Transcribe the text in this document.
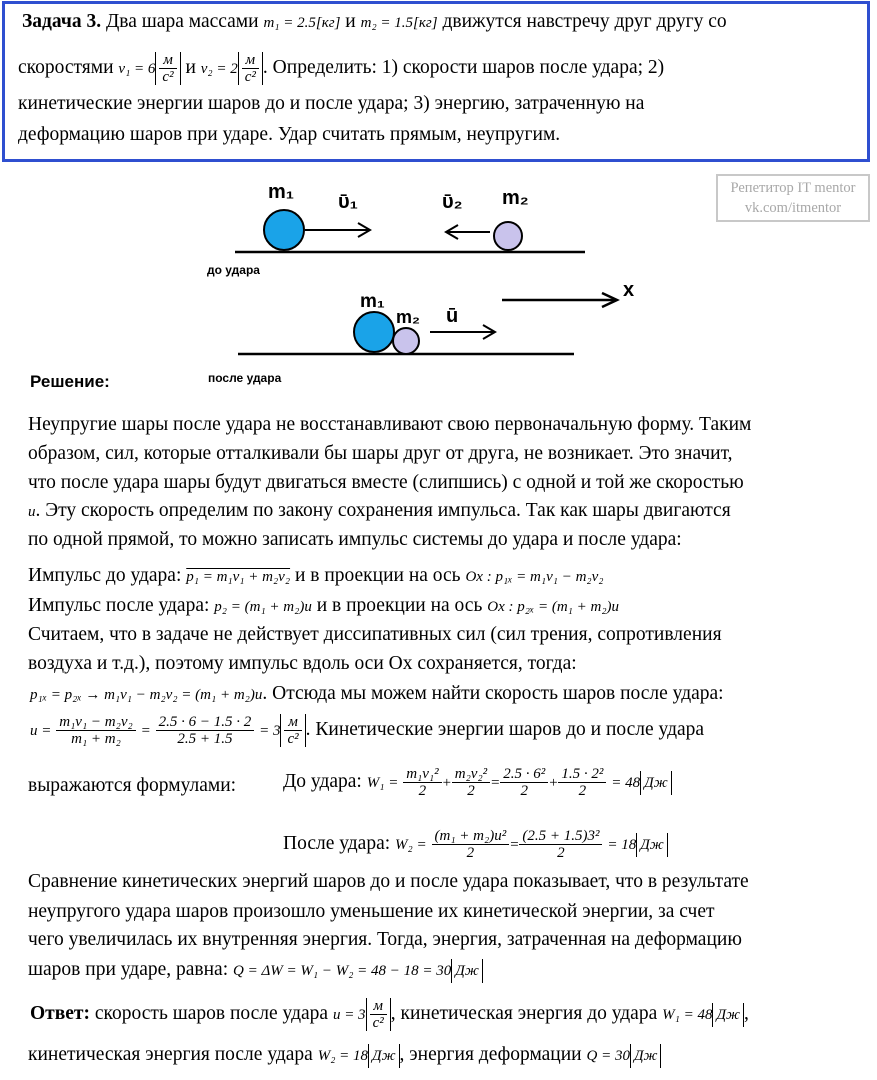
Задача 3. Два шара массами m₁ = 2.5[кг] и m₂ = 1.5[кг] движутся навстречу друг другу со
скоростями $v_1 = 6 \frac{м}{\text{с²}}$ и $v_2 = 2 \frac{м}{\text{с²}}$ . Определить: 1) скорости шаров после удара; 2)
кинетические энергии шаров до и после удара; 3) энергию, затраченную на
деформацию шаров при ударе. Удар считать прямым, неупругим.
Репетитор IT mentor
vk.com/itmentor
m₁ ῡ₁	ῡ₂ m₂
до удара
x
m₁
m₂ ū
после удара
Решение:
Неупругие шары после удара не восстанавливают свою первоначальную форму. Таким
образом, сил, которые отталкивали бы шары друг от друга, не возникает. Это значит,
что после удара шары будут двигаться вместе (слипшись) с одной и той же скоростью
u. Эту скорость определим по закону сохранения импульса. Так как шары двигаются
по одной прямой, то можно записать импульс системы до удара и после удара:
Импульс до удара: p₁ = m₁v₁ + m₂v₂ и в проекции на ось Ox : p₁ₓ = m₁v₁ − m₂v₂
Импульс после удара: p₂ = (m₁ + m₂)u и в проекции на ось Ox : p₂ₓ = (m₁ + m₂)u
Считаем, что в задаче не действует диссипативных сил (сил трения, сопротивления
воздуха и т.д.), поэтому импульс вдоль оси Ох сохраняется, тогда:
p₁ₓ = p₂ₓ → m₁v₁ − m₂v₂ = (m₁ + m₂)u. Отсюда мы можем найти скорость шаров после удара:
$u = \frac{\text{m₁v₁ − m₂v₂}}{\text{m₁ + m₂}} = \frac{2.5 \cdot 6 - 1.5 \cdot 2}{2.5 + 1.5} = 3 \frac{м}{\text{с²}}$ . Кинетические энергии шаров до и после удара
выражаются формулами: До удара: $W_1 = \frac{\text{m₁v₁²}}{2} + \frac{\text{m₂v₂²}}{2} = \frac{\text{2.5 · 6²}}{2} + \frac{\text{1.5 · 2²}}{2} = 48$ Дж
После удара: $W_2 = \frac{\text{(m₁ + m₂)u²}}{2} = \frac{\text{(2.5 + 1.5)3²}}{2} = 18$ Дж
Сравнение кинетических энергий шаров до и после удара показывает, что в результате
неупругого удара шаров произошло уменьшение их кинетической энергии, за счет
чего увеличилась их внутренняя энергия. Тогда, энергия, затраченная на деформацию
шаров при ударе, равна: Q = ΔW = W₁ − W₂ = 48 − 18 = 30 Дж
Ответ: скорость шаров после удара $u = 3 \frac{м}{\text{с²}}$ , кинетическая энергия до удара W₁ = 48 Дж ,
кинетическая энергия после удара W₂ = 18 Дж , энергия деформации Q = 30 Дж
